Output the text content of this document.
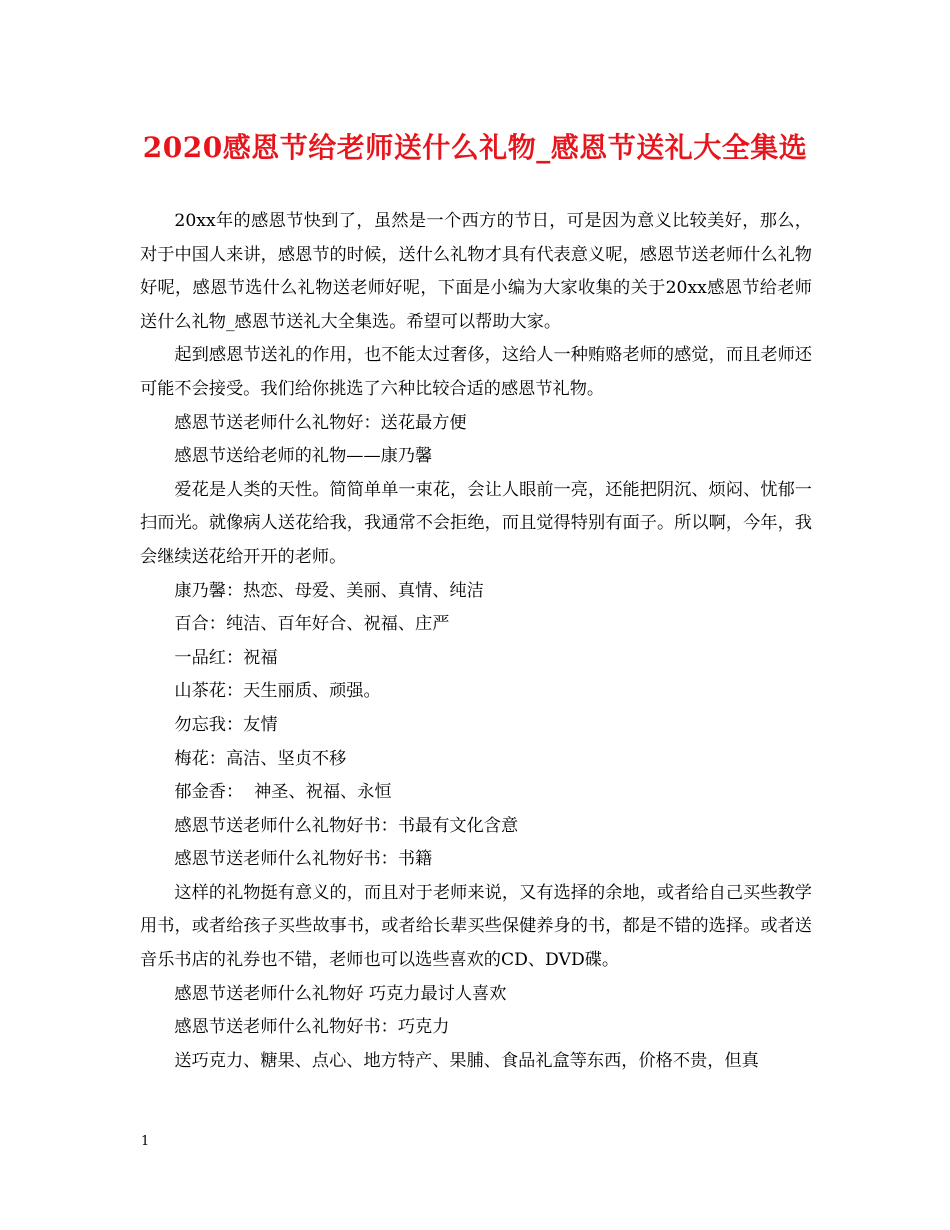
2020感恩节给老师送什么礼物_感恩节送礼大全集选

20xx年的感恩节快到了，虽然是一个西方的节日，可是因为意义比较美好，那么，对于中国人来讲，感恩节的时候，送什么礼物才具有代表意义呢，感恩节送老师什么礼物好呢，感恩节选什么礼物送老师好呢，下面是小编为大家收集的关于20xx感恩节给老师送什么礼物_感恩节送礼大全集选。希望可以帮助大家。

起到感恩节送礼的作用，也不能太过奢侈，这给人一种贿赂老师的感觉，而且老师还可能不会接受。我们给你挑选了六种比较合适的感恩节礼物。

感恩节送老师什么礼物好：送花最方便

感恩节送给老师的礼物——康乃馨

爱花是人类的天性。简简单单一束花，会让人眼前一亮，还能把阴沉、烦闷、忧郁一扫而光。就像病人送花给我，我通常不会拒绝，而且觉得特别有面子。所以啊，今年，我会继续送花给开开的老师。

康乃馨：热恋、母爱、美丽、真情、纯洁

百合：纯洁、百年好合、祝福、庄严

一品红：祝福

山茶花：天生丽质、顽强。

勿忘我：友情

梅花：高洁、坚贞不移

郁金香：  神圣、祝福、永恒

感恩节送老师什么礼物好书：书最有文化含意

感恩节送老师什么礼物好书：书籍

这样的礼物挺有意义的，而且对于老师来说，又有选择的余地，或者给自己买些教学用书，或者给孩子买些故事书，或者给长辈买些保健养身的书，都是不错的选择。或者送音乐书店的礼券也不错，老师也可以选些喜欢的CD、DVD碟。

感恩节送老师什么礼物好 巧克力最讨人喜欢

感恩节送老师什么礼物好书：巧克力

送巧克力、糖果、点心、地方特产、果脯、食品礼盒等东西，价格不贵，但真

1
